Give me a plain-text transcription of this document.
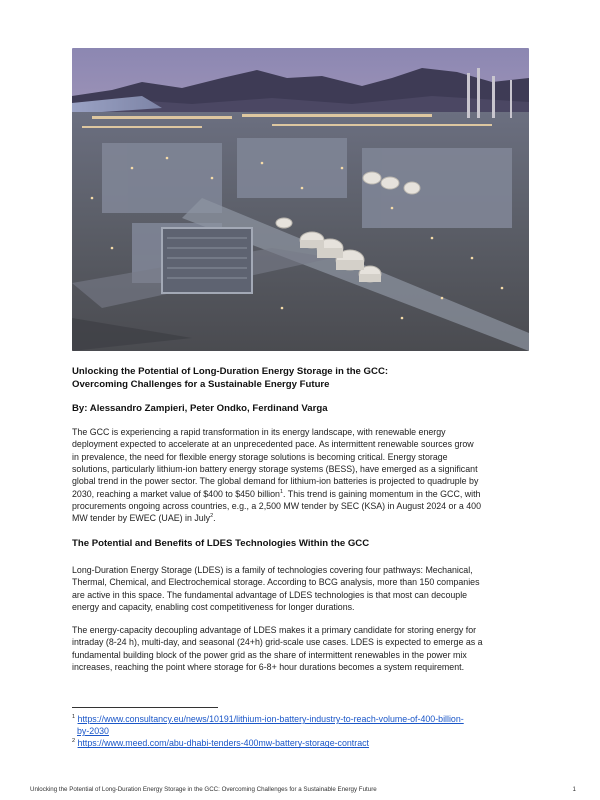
Unlocking the Potential of Long-Duration Energy Storage in the GCC:
Overcoming Challenges for a Sustainable Energy Future
By: Alessandro Zampieri, Peter Ondko, Ferdinand Varga
The GCC is experiencing a rapid transformation in its energy landscape, with renewable energy
deployment expected to accelerate at an unprecedented pace. As intermittent renewable sources grow
in prevalence, the need for flexible energy storage solutions is becoming critical. Energy storage
solutions, particularly lithium-ion battery energy storage systems (BESS), have emerged as a significant
global trend in the power sector. The global demand for lithium-ion batteries is projected to quadruple by
2030, reaching a market value of $400 to $450 billion$^1$. This trend is gaining momentum in the GCC, with
procurements ongoing across countries, e.g., a 2,500 MW tender by SEC (KSA) in August 2024 or a 400
MW tender by EWEC (UAE) in July$^2$.
The Potential and Benefits of LDES Technologies Within the GCC
Long-Duration Energy Storage (LDES) is a family of technologies covering four pathways: Mechanical,
Thermal, Chemical, and Electrochemical storage. According to BCG analysis, more than 150 companies
are active in this space. The fundamental advantage of LDES technologies is that most can decouple
energy and capacity, enabling cost competitiveness for longer durations.
The energy-capacity decoupling advantage of LDES makes it a primary candidate for storing energy for
intraday (8-24 h), multi-day, and seasonal (24+h) grid-scale use cases. LDES is expected to emerge as a
fundamental building block of the power grid as the share of intermittent renewables in the power mix
increases, reaching the point where storage for 6-8+ hour durations becomes a system requirement.
$^1$ https://www.consultancy.eu/news/10191/lithium-ion-battery-industry-to-reach-volume-of-400-billion-
by-2030
$^2$ https://www.meed.com/abu-dhabi-tenders-400mw-battery-storage-contract
Unlocking the Potential of Long-Duration Energy Storage in the GCC: Overcoming Challenges for a Sustainable Energy Future	1
